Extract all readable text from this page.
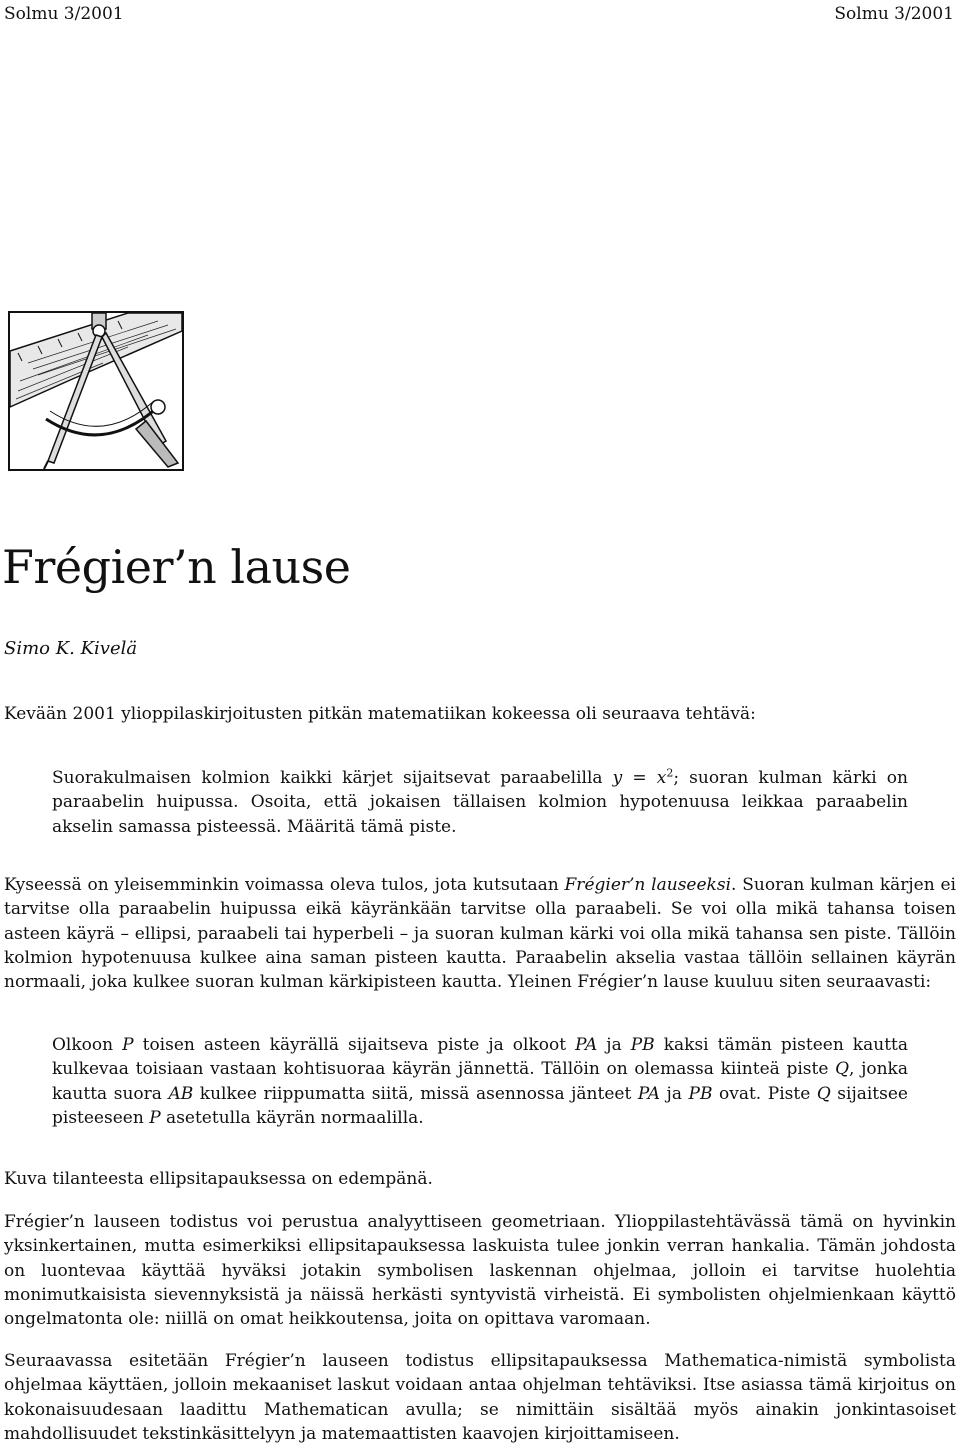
Solmu 3/2001	Solmu 3/2001
Frégier’n lause
Simo K. Kivelä

Kevään 2001 ylioppilaskirjoitusten pitkän matematiikan kokeessa oli seuraava tehtävä:

Suorakulmaisen kolmion kaikki kärjet sijaitsevat paraabelilla $y = x^2$; suoran kulman kärki on paraabelin huipussa. Osoita, että jokaisen tällaisen kolmion hypotenuusa leikkaa paraabelin akselin samassa pisteessä. Määritä tämä piste.

Kyseessä on yleisemminkin voimassa oleva tulos, jota kutsutaan Frégier’n lauseeksi. Suoran kulman kärjen ei tarvitse olla paraabelin huipussa eikä käyränkään tarvitse olla paraabeli. Se voi olla mikä tahansa toisen asteen käyrä – ellipsi, paraabeli tai hyperbeli – ja suoran kulman kärki voi olla mikä tahansa sen piste. Tällöin kolmion hypotenuusa kulkee aina saman pisteen kautta. Paraabelin akselia vastaa tällöin sellainen käyrän normaali, joka kulkee suoran kulman kärkipisteen kautta. Yleinen Frégier’n lause kuuluu siten seuraavasti:

Olkoon P toisen asteen käyrällä sijaitseva piste ja olkoot PA ja PB kaksi tämän pisteen kautta kulkevaa toisiaan vastaan kohtisuoraa käyrän jännettä. Tällöin on olemassa kiinteä piste Q, jonka kautta suora AB kulkee riippumatta siitä, missä asennossa jänteet PA ja PB ovat. Piste Q sijaitsee pisteeseen P asetetulla käyrän normaalilla.

Kuva tilanteesta ellipsitapauksessa on edempänä.

Frégier’n lauseen todistus voi perustua analyyttiseen geometriaan. Ylioppilastehtävässä tämä on hyvinkin yksinkertainen, mutta esimerkiksi ellipsitapauksessa laskuista tulee jonkin verran hankalia. Tämän johdosta on luontevaa käyttää hyväksi jotakin symbolisen laskennan ohjelmaa, jolloin ei tarvitse huolehtia monimutkaisista sievennyksistä ja näissä herkästi syntyvistä virheistä. Ei symbolisten ohjelmienkaan käyttö ongelmatonta ole: niillä on omat heikkoutensa, joita on opittava varomaan.

Seuraavassa esitetään Frégier’n lauseen todistus ellipsitapauksessa Mathematica-nimistä symbolista ohjelmaa käyttäen, jolloin mekaaniset laskut voidaan antaa ohjelman tehtäviksi. Itse asiassa tämä kirjoitus on kokonaisuudesaan laadittu Mathematican avulla; se nimittäin sisältää myös ainakin jonkintasoiset mahdollisuudet tekstinkäsittelyyn ja matemaattisten kaavojen kirjoittamiseen.
